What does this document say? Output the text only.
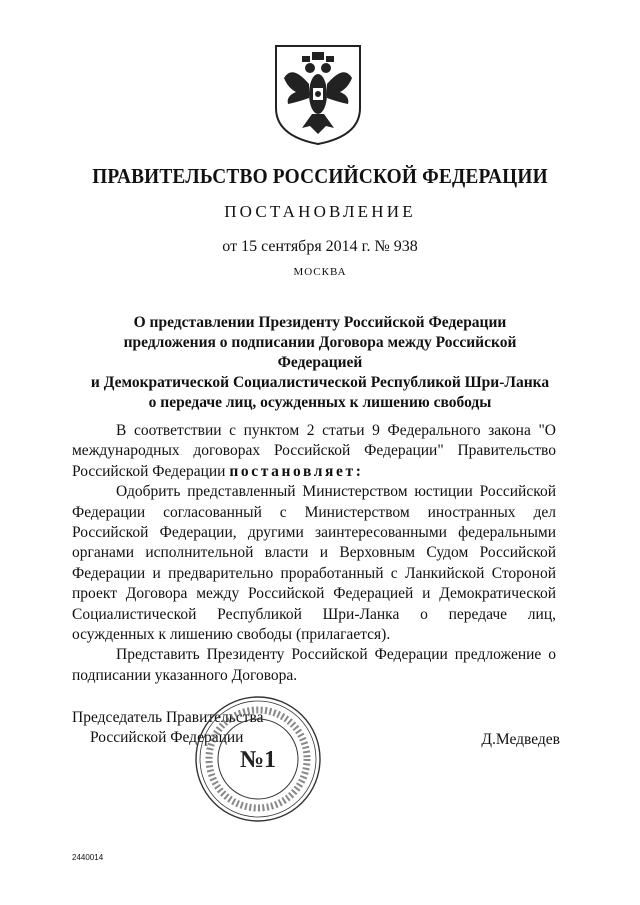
ПРАВИТЕЛЬСТВО РОССИЙСКОЙ ФЕДЕРАЦИИ
ПОСТАНОВЛЕНИЕ
от 15 сентября 2014 г. № 938
МОСКВА
О представлении Президенту Российской Федерации
предложения о подписании Договора между Российской Федерацией
и Демократической Социалистической Республикой Шри-Ланка
о передаче лиц, осужденных к лишению свободы

В соответствии с пунктом 2 статьи 9 Федерального закона "О международных договорах Российской Федерации" Правительство Российской Федерации постановляет:

Одобрить представленный Министерством юстиции Российской Федерации согласованный с Министерством иностранных дел Российской Федерации, другими заинтересованными федеральными органами исполнительной власти и Верховным Судом Российской Федерации и предварительно проработанный с Ланкийской Стороной проект Договора между Российской Федерацией и Демократической Социалистической Республикой Шри-Ланка о передаче лиц, осужденных к лишению свободы (прилагается).

Представить Президенту Российской Федерации предложение о подписании указанного Договора.

Председатель Правительства
Российской Федерации	Д.Медведев
№1
2440014
